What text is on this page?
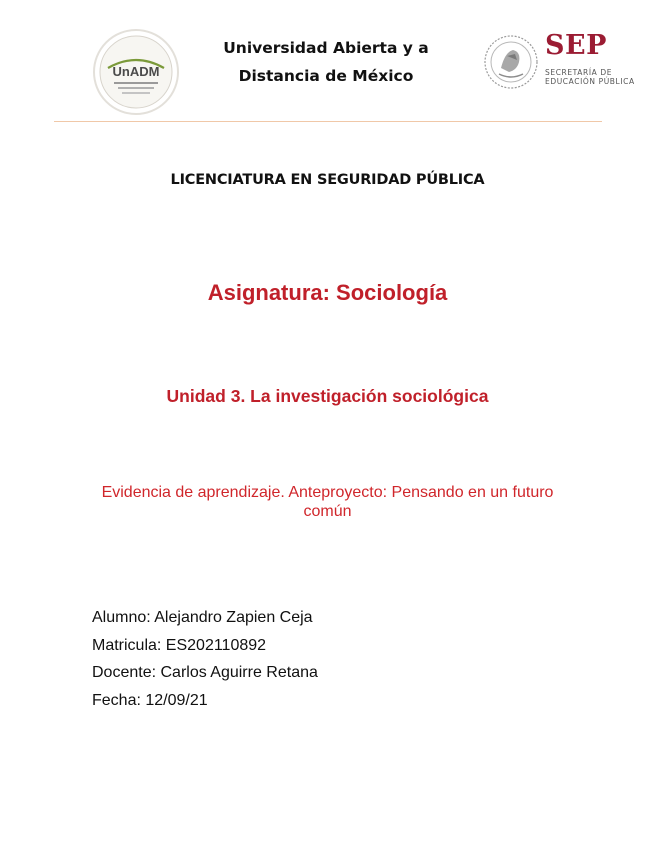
UnADM
Universidad Abierta y a
Distancia de México
SEP
SECRETARÍA DE
EDUCACIÓN PÚBLICA
LICENCIATURA EN SEGURIDAD PÚBLICA
Asignatura: Sociología
Unidad 3. La investigación sociológica
Evidencia de aprendizaje. Anteproyecto: Pensando en un futuro común
Alumno: Alejandro Zapien Ceja
Matricula: ES202110892
Docente: Carlos Aguirre Retana
Fecha: 12/09/21
